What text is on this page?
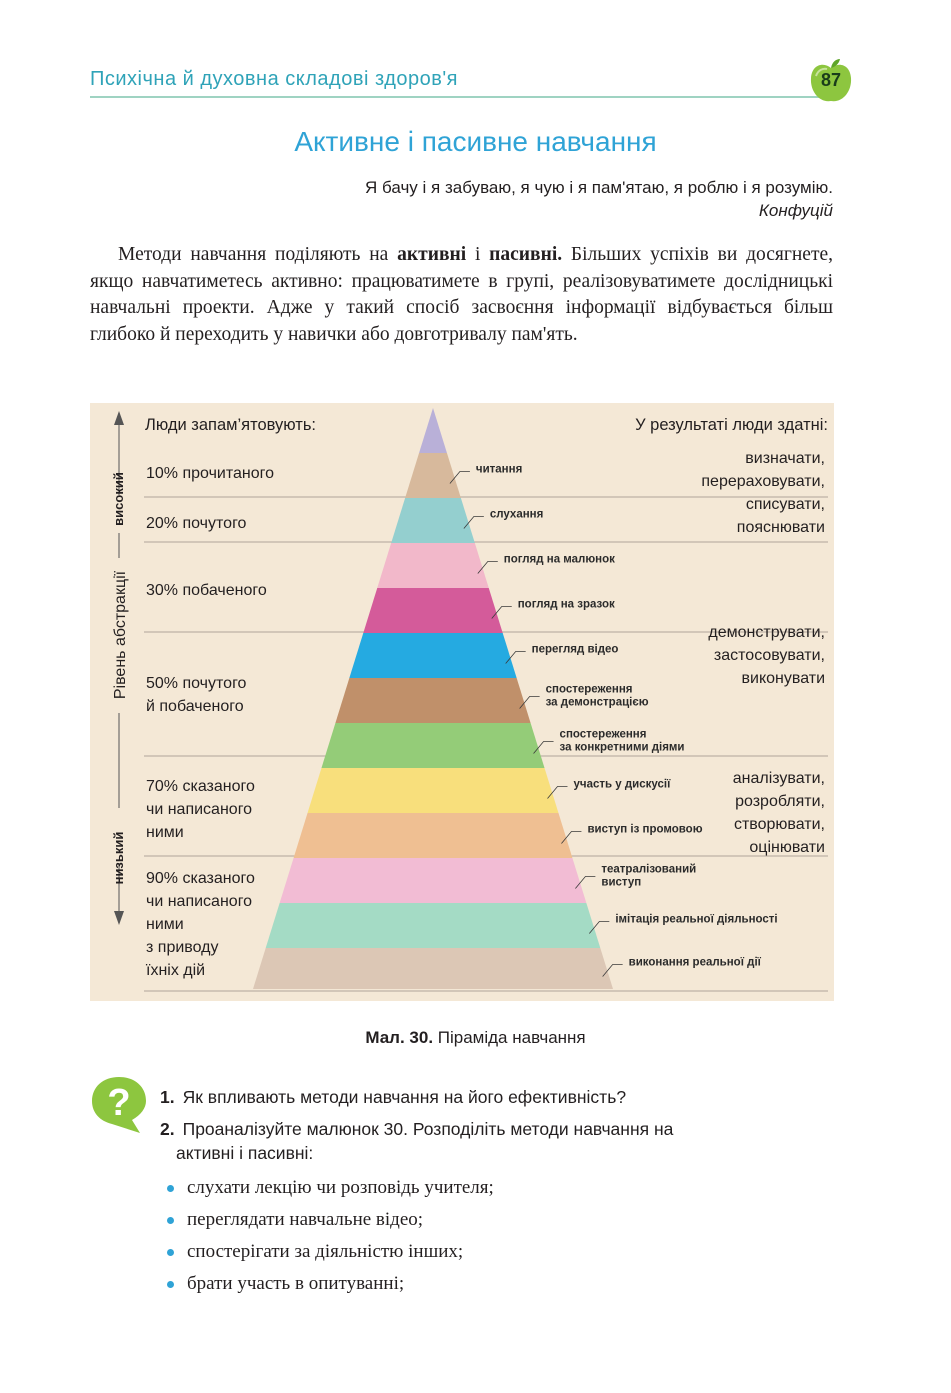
Психічна й духовна складові здоров'я	87
Активне і пасивне навчання
Я бачу і я забуваю, я чую і я пам'ятаю, я роблю і я розумію.
Конфуцій
Методи навчання поділяють на активні і пасивні. Більших успіхів ви досягнете, якщо навчатиметесь активно: працюватимете в групі, реалізовуватимете дослідницькі навчальні проекти. Адже у такий спосіб засвоєння інформації відбувається більш глибоко й переходить у навички або довготривалу пам'ять.
читання
слухання
погляд на малюнок
погляд на зразок
перегляд відео
спостереження
за демонстрацією
спостереження
за конкретними діями
участь у дискусії
виступ із промовою
театралізований
виступ
імітація реальної діяльності
виконання реальної дії
Люди запам’ятовують:	У результаті люди здатні:
10% прочитаного
20% почутого
30% побаченого
50% почутого
й побаченого
70% сказаного
чи написаного
ними
90% сказаного
чи написаного
ними
з приводу
їхніх дій
визначати,
перераховувати,
списувати,
пояснювати
демонструвати,
застосовувати,
виконувати
аналізувати,
розробляти,
створювати,
оцінювати
високий
Рівень абстракції
низький
Мал. 30. Піраміда навчання
? 1. Як впливають методи навчання на його ефективність?
2. Проаналізуйте малюнок 30. Розподіліть методи навчання на
активні і пасивні:
слухати лекцію чи розповідь учителя;
переглядати навчальне відео;
спостерігати за діяльністю інших;
брати участь в опитуванні;
